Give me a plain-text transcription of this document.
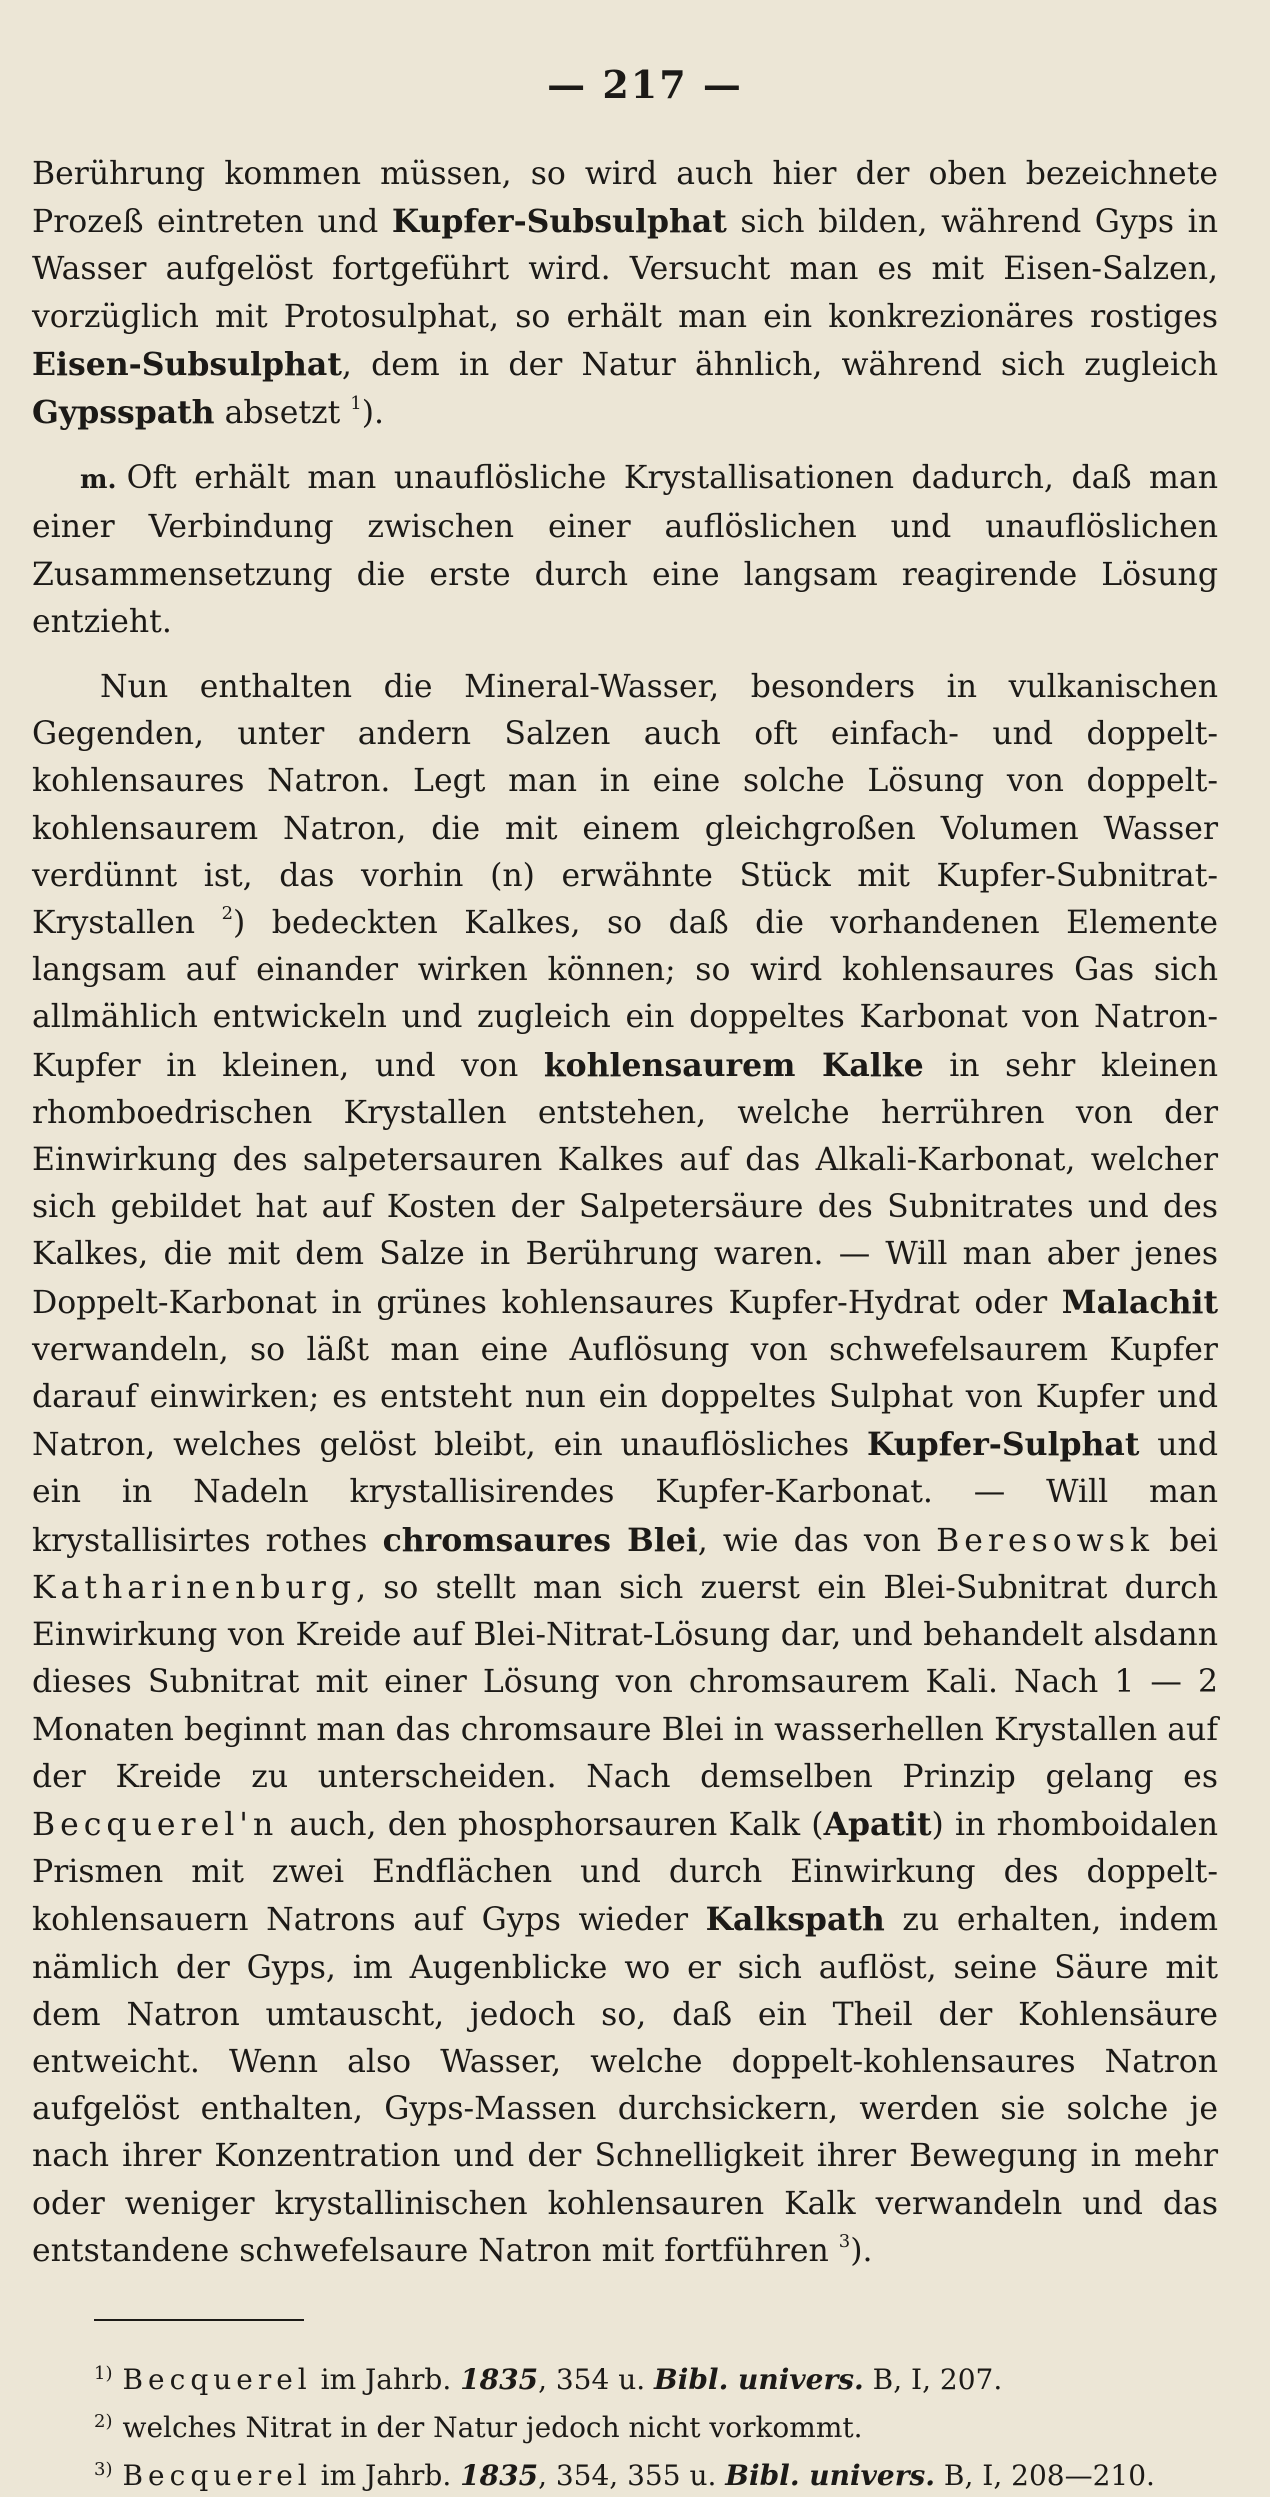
— 217 —

Berührung kommen müssen, so wird auch hier der oben bezeichnete Prozeß eintreten und Kupfer-Subsulphat sich bilden, während Gyps in Wasser aufgelöst fortgeführt wird. Versucht man es mit Eisen-Salzen, vorzüglich mit Protosulphat, so erhält man ein konkrezionäres rostiges Eisen-Subsulphat, dem in der Natur ähnlich, während sich zugleich Gypsspath absetzt $^1$).

m. Oft erhält man unauflösliche Krystallisationen dadurch, daß man einer Verbindung zwischen einer auflöslichen und unauflöslichen Zusammensetzung die erste durch eine langsam reagirende Lösung entzieht.

Nun enthalten die Mineral-Wasser, besonders in vulkanischen Gegenden, unter andern Salzen auch oft einfach- und doppelt-kohlensaures Natron. Legt man in eine solche Lösung von doppelt-kohlensaurem Natron, die mit einem gleichgroßen Volumen Wasser verdünnt ist, das vorhin (n) erwähnte Stück mit Kupfer-Subnitrat-Krystallen $^2$) bedeckten Kalkes, so daß die vorhandenen Elemente langsam auf einander wirken können; so wird kohlensaures Gas sich allmählich entwickeln und zugleich ein doppeltes Karbonat von Natron-Kupfer in kleinen, und von kohlensaurem Kalke in sehr kleinen rhomboedrischen Krystallen entstehen, welche herrühren von der Einwirkung des salpetersauren Kalkes auf das Alkali-Karbonat, welcher sich gebildet hat auf Kosten der Salpetersäure des Subnitrates und des Kalkes, die mit dem Salze in Berührung waren. — Will man aber jenes Doppelt-Karbonat in grünes kohlensaures Kupfer-Hydrat oder Malachit verwandeln, so läßt man eine Auflösung von schwefelsaurem Kupfer darauf einwirken; es entsteht nun ein doppeltes Sulphat von Kupfer und Natron, welches gelöst bleibt, ein unauflösliches Kupfer-Sulphat und ein in Nadeln krystallisirendes Kupfer-Karbonat. — Will man krystallisirtes rothes chromsaures Blei, wie das von Beresowsk bei Katharinenburg, so stellt man sich zuerst ein Blei-Subnitrat durch Einwirkung von Kreide auf Blei-Nitrat-Lösung dar, und behandelt alsdann dieses Subnitrat mit einer Lösung von chromsaurem Kali. Nach 1 — 2 Monaten beginnt man das chromsaure Blei in wasserhellen Krystallen auf der Kreide zu unterscheiden. Nach demselben Prinzip gelang es Becquerel'n auch, den phosphorsauren Kalk (Apatit) in rhomboidalen Prismen mit zwei Endflächen und durch Einwirkung des doppelt-kohlensauern Natrons auf Gyps wieder Kalkspath zu erhalten, indem nämlich der Gyps, im Augenblicke wo er sich auflöst, seine Säure mit dem Natron umtauscht, jedoch so, daß ein Theil der Kohlensäure entweicht. Wenn also Wasser, welche doppelt-kohlensaures Natron aufgelöst enthalten, Gyps-Massen durchsickern, werden sie solche je nach ihrer Konzentration und der Schnelligkeit ihrer Bewegung in mehr oder weniger krystallinischen kohlensauren Kalk verwandeln und das entstandene schwefelsaure Natron mit fortführen $^3$).

$^{1)}$ Becquerel im Jahrb. 1835, 354 u. Bibl. univers. B, I, 207.

$^{2)}$ welches Nitrat in der Natur jedoch nicht vorkommt.

$^{3)}$ Becquerel im Jahrb. 1835, 354, 355 u. Bibl. univers. B, I, 208—210.
